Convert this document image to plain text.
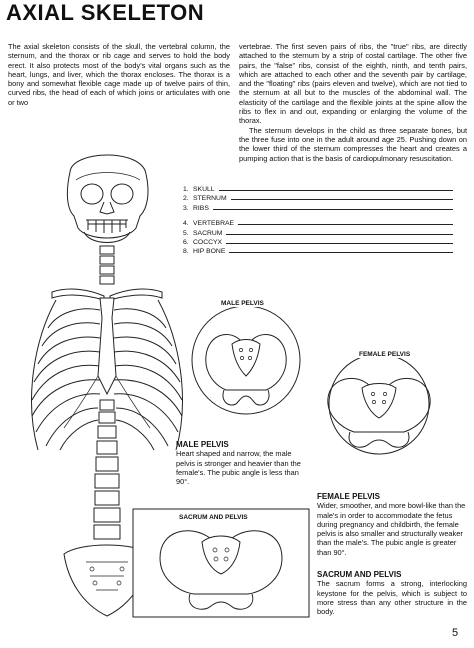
AXIAL SKELETON

The axial skeleton consists of the skull, the vertebral column, the sternum, and the thorax or rib cage and serves to hold the body erect. It also protects most of the body's vital organs such as the heart, lungs, and liver, which the thorax encloses. The thorax is a bony and somewhat flexible cage made up of twelve pairs of thin, curved ribs, the head of each of which joins or articulates with one or two

vertebrae. The first seven pairs of ribs, the "true" ribs, are directly attached to the sternum by a strip of costal cartilage. The other five pairs, the "false" ribs, consist of the eighth, ninth, and tenth pairs, which are attached to each other and the seventh pair by cartilage, and the "floating" ribs (pairs eleven and twelve), which are not tied to the sternum at all but to the muscles of the abdominal wall. The elasticity of the cartilage and the flexible joints at the spine allow the ribs to flex in and out, expanding or enlarging the volume of the thorax.

The sternum develops in the child as three separate bones, but the three fuse into one in the adult around age 25. Pushing down on the lower third of the sternum compresses the heart and creates a pumping action that is the basis of cardiopulmonary resuscitation.

1. SKULL
2. STERNUM
3. RIBS
4. VERTEBRAE
5. SACRUM
6. COCCYX
8. HIP BONE
MALE PELVIS
FEMALE PELVIS
SACRUM AND PELVIS
MALE PELVIS
Heart shaped and narrow, the male pelvis is stronger and heavier than the female's. The pubic angle is less than 90°.
FEMALE PELVIS
Wider, smoother, and more bowl-like than the male's in order to accommodate the fetus during pregnancy and childbirth, the female pelvis is also smaller and structurally weaker than the male's. The pubic angle is greater than 90°.
SACRUM AND PELVIS
The sacrum forms a strong, interlocking keystone for the pelvis, which is subject to more stress than any other structure in the body.
5
